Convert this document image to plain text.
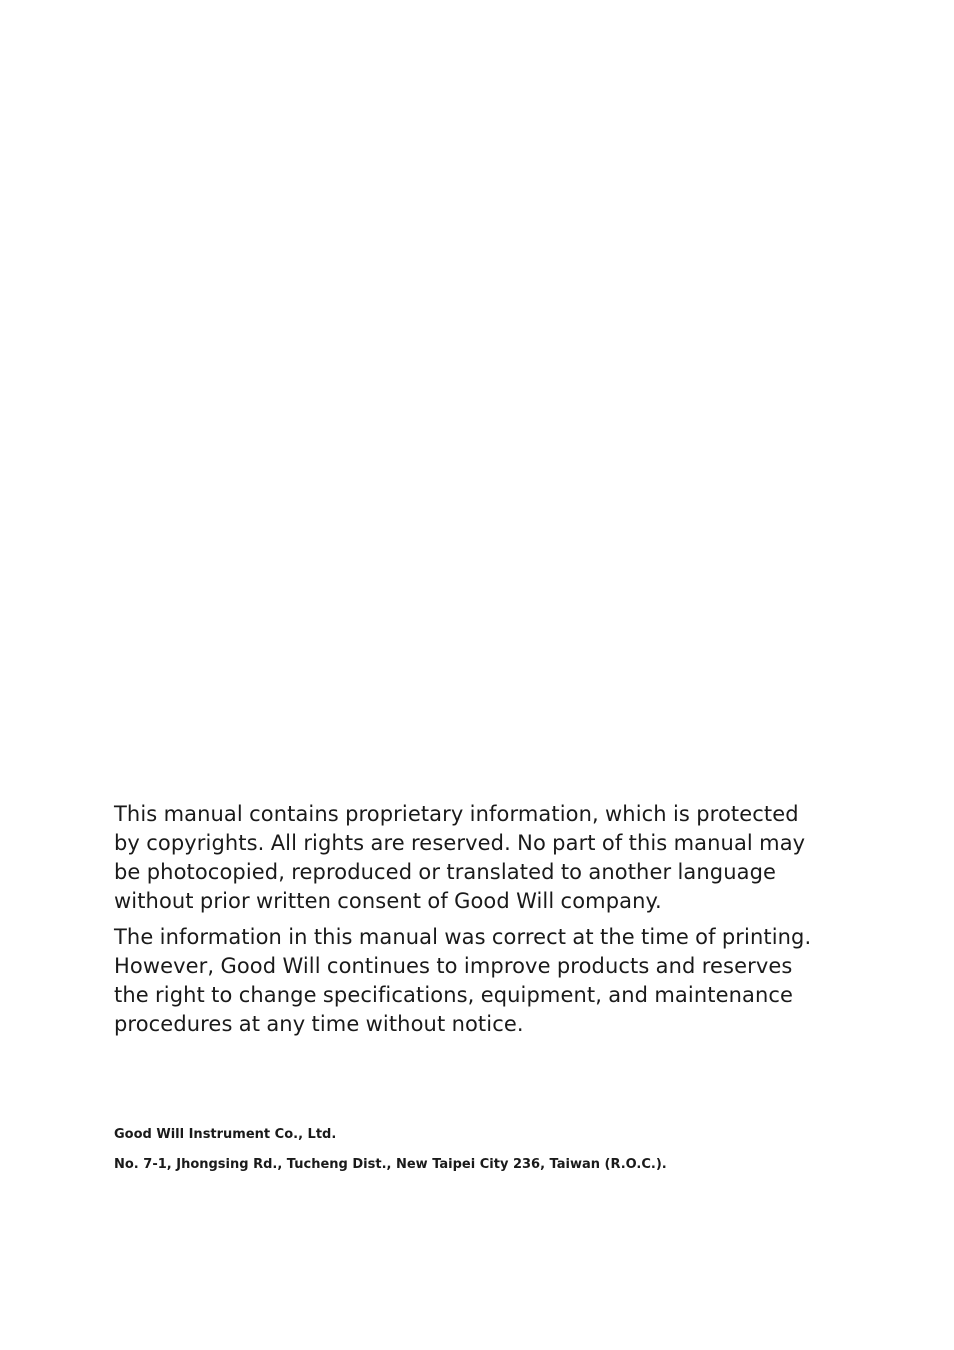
This manual contains proprietary information, which is protected by copyrights. All rights are reserved. No part of this manual may be photocopied, reproduced or translated to another language without prior written consent of Good Will company.

The information in this manual was correct at the time of printing. However, Good Will continues to improve products and reserves the right to change specifications, equipment, and maintenance procedures at any time without notice.

Good Will Instrument Co., Ltd.
No. 7-1, Jhongsing Rd., Tucheng Dist., New Taipei City 236, Taiwan (R.O.C.).
